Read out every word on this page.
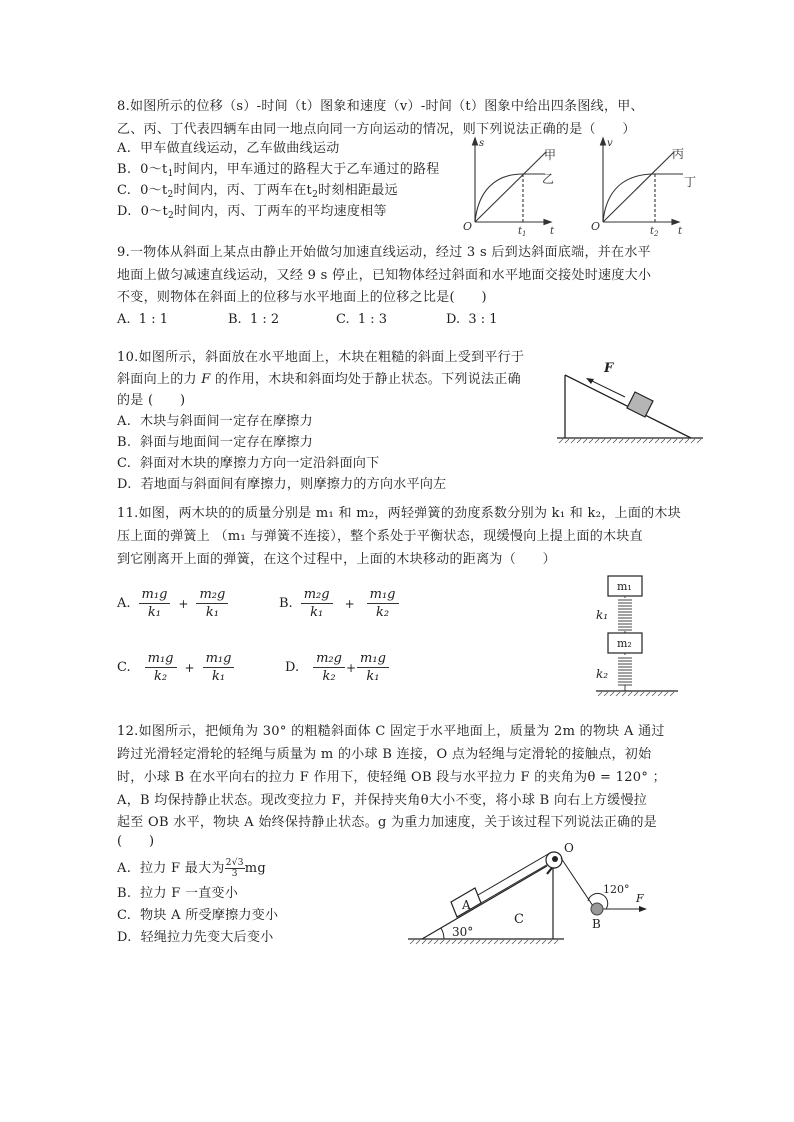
8.如图所示的位移（s）-时间（t）图象和速度（v）-时间（t）图象中给出四条图线，甲、
乙、丙、丁代表四辆车由同一地点向同一方向运动的情况，则下列说法正确的是（　　）
A. 甲车做直线运动，乙车做曲线运动
B. $0\sim t_1$时间内，甲车通过的路程大于乙车通过的路程
C. $0\sim t_2$时间内，丙、丁两车在$t_2$时刻相距最远
D. $0\sim t_2$时间内，丙、丁两车的平均速度相等
s
甲
乙
O	$t_1$ t
v
丙
丁
O	$t_2$ t
9.一物体从斜面上某点由静止开始做匀加速直线运动，经过 3 s 后到达斜面底端，并在水平
地面上做匀减速直线运动，又经 9 s 停止，已知物体经过斜面和水平地面交接处时速度大小
不变，则物体在斜面上的位移与水平地面上的位移之比是(　　)
A. 1 : 1	B. 1 : 2	C. 1 : 3	D. 3 : 1
10.如图所示，斜面放在水平地面上，木块在粗糙的斜面上受到平行于
斜面向上的力 F 的作用，木块和斜面均处于静止状态。下列说法正确
的是 (　　)
A. 木块与斜面间一定存在摩擦力
B. 斜面与地面间一定存在摩擦力
C. 斜面对木块的摩擦力方向一定沿斜面向下
D. 若地面与斜面间有摩擦力，则摩擦力的方向水平向左
F
11.如图，两木块的的质量分别是 m₁ 和 m₂，两轻弹簧的劲度系数分别为 k₁ 和 k₂，上面的木块
压上面的弹簧上 （m₁ 与弹簧不连接），整个系处于平衡状态，现缓慢向上提上面的木块直
到它刚离开上面的弹簧，在这个过程中，上面的木块移动的距离为（　　）
A. $\frac{\text{m₁g}}{\text{k₁}} + \frac{\text{m₂g}}{\text{k₁}}$	B. $\frac{\text{m₂g}}{\text{k₁}} + \frac{\text{m₁g}}{\text{k₂}}$
C. $\frac{\text{m₁g}}{\text{k₂}} + \frac{\text{m₁g}}{\text{k₁}}$	D. $\frac{\text{m₂g}}{\text{k₂}} + \frac{\text{m₁g}}{\text{k₁}}$
m₁
k₁
m₂
k₂
12.如图所示，把倾角为 30° 的粗糙斜面体 C 固定于水平地面上，质量为 2m 的物块 A 通过
跨过光滑轻定滑轮的轻绳与质量为 m 的小球 B 连接，O 点为轻绳与定滑轮的接触点，初始
时，小球 B 在水平向右的拉力 F 作用下，使轻绳 OB 段与水平拉力 F 的夹角为θ = 120° ；
A，B 均保持静止状态。现改变拉力 F，并保持夹角θ大小不变，将小球 B 向右上方缓慢拉
起至 OB 水平，物块 A 始终保持静止状态。g 为重力加速度，关于该过程下列说法正确的是
(　　)
A. 拉力 F 最大为 $\frac{2√3}{3}$ mg
B. 拉力 F 一直变小
C. 物块 A 所受摩擦力变小
D. 轻绳拉力先变大后变小	30°
C
A
O
120°
B
F
